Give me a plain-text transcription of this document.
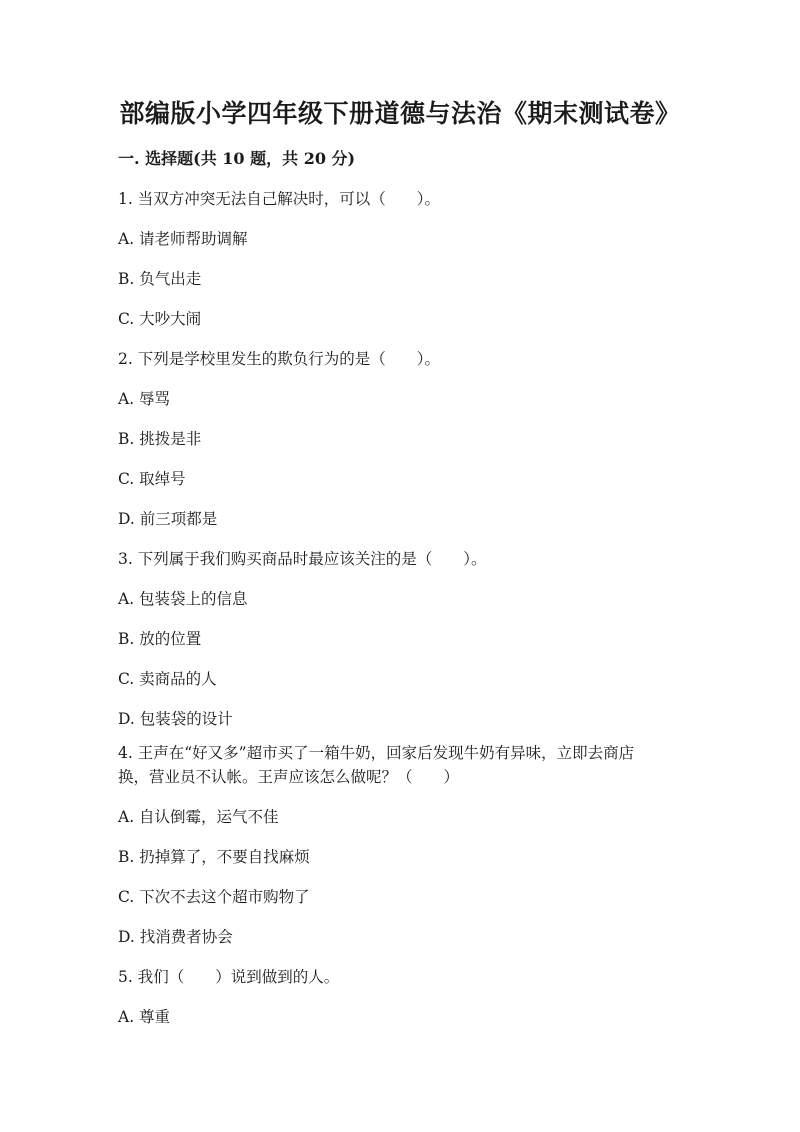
部编版小学四年级下册道德与法治《期末测试卷》
一. 选择题(共 10 题，共 20 分)
1. 当双方冲突无法自己解决时，可以（　　）。
A. 请老师帮助调解
B. 负气出走
C. 大吵大闹
2. 下列是学校里发生的欺负行为的是（　　）。
A. 辱骂
B. 挑拨是非
C. 取绰号
D. 前三项都是
3. 下列属于我们购买商品时最应该关注的是（　　）。
A. 包装袋上的信息
B. 放的位置
C. 卖商品的人
D. 包装袋的设计
4. 王声在“好又多”超市买了一箱牛奶，回家后发现牛奶有异味，立即去商店
换，营业员不认帐。王声应该怎么做呢？（　　）
A. 自认倒霉，运气不佳
B. 扔掉算了，不要自找麻烦
C. 下次不去这个超市购物了
D. 找消费者协会
5. 我们（　　）说到做到的人。
A. 尊重
